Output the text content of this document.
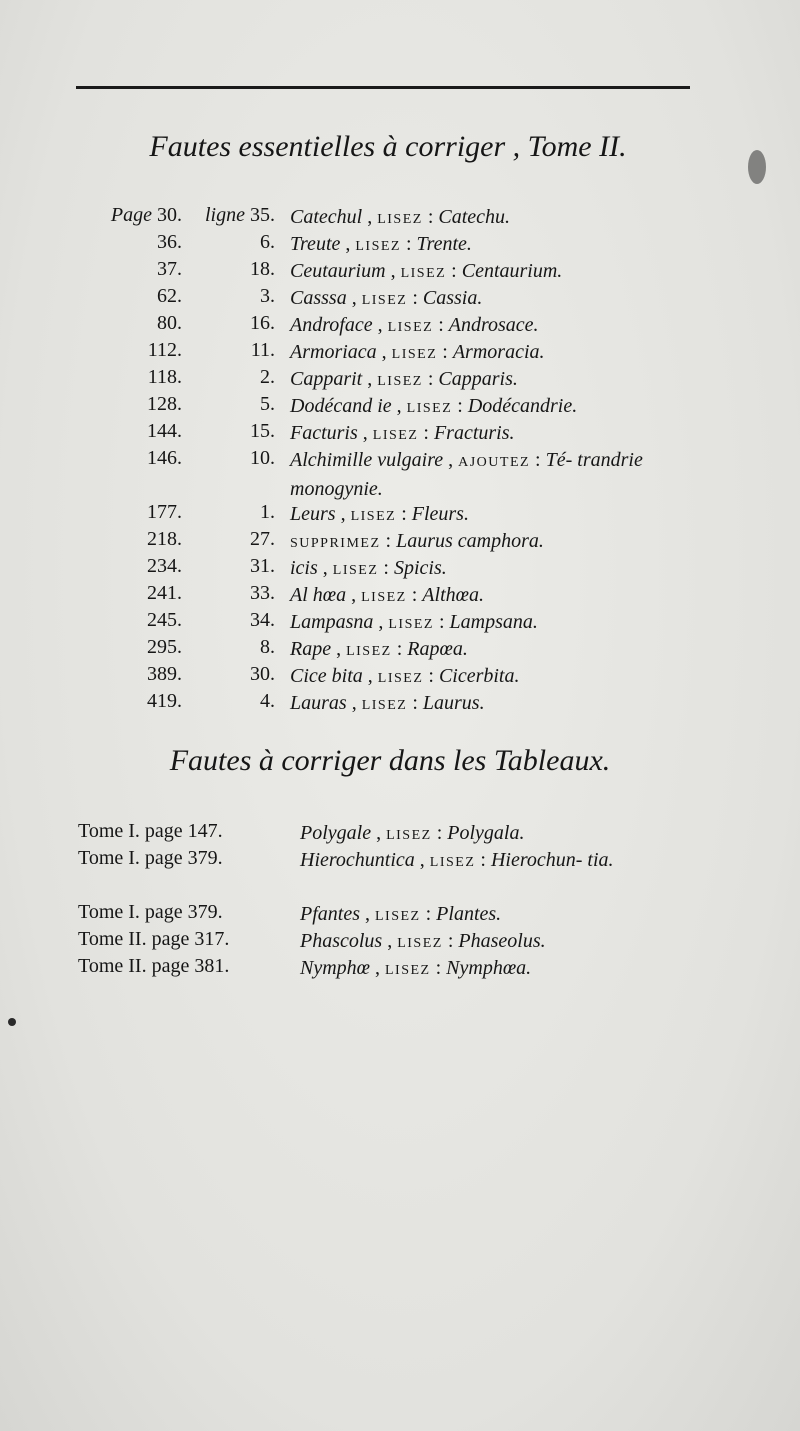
Fautes essentielles à corriger , Tome II.
Page 30. ligne 35. Catechul , LISEZ : Catechu.
36.	6. Treute , LISEZ : Trente.
37.	18. Ceutaurium , LISEZ : Centaurium.
62.	3. Casssa , LISEZ : Cassia.
80.	16. Androface , LISEZ : Androsace.
112.	11. Armoriaca , LISEZ : Armoracia.
118.	2. Capparit , LISEZ : Capparis.
128.	5. Dodécand ie , LISEZ : Dodécandrie.
144.	15. Facturis , LISEZ : Fracturis.
146.	10. Alchimille vulgaire , AJOUTEZ : Té- trandrie monogynie.
177.	1. Leurs , LISEZ : Fleurs.
218.	27. SUPPRIMEZ : Laurus camphora.
234.	31. icis , LISEZ : Spicis.
241.	33. Al hœa , LISEZ : Althœa.
245.	34. Lampasna , LISEZ : Lampsana.
295.	8. Rape , LISEZ : Rapœa.
389.	30. Cice bita , LISEZ : Cicerbita.
419.	4. Lauras , LISEZ : Laurus.
Fautes à corriger dans les Tableaux.
Tome I. page 147.	Polygale , LISEZ : Polygala.
Tome I. page 379.	Hierochuntica , LISEZ : Hierochun- tia.
Tome I. page 379.	Pfantes , LISEZ : Plantes.
Tome II. page 317.	Phascolus , LISEZ : Phaseolus.
Tome II. page 381.	Nymphœ , LISEZ : Nymphœa.
